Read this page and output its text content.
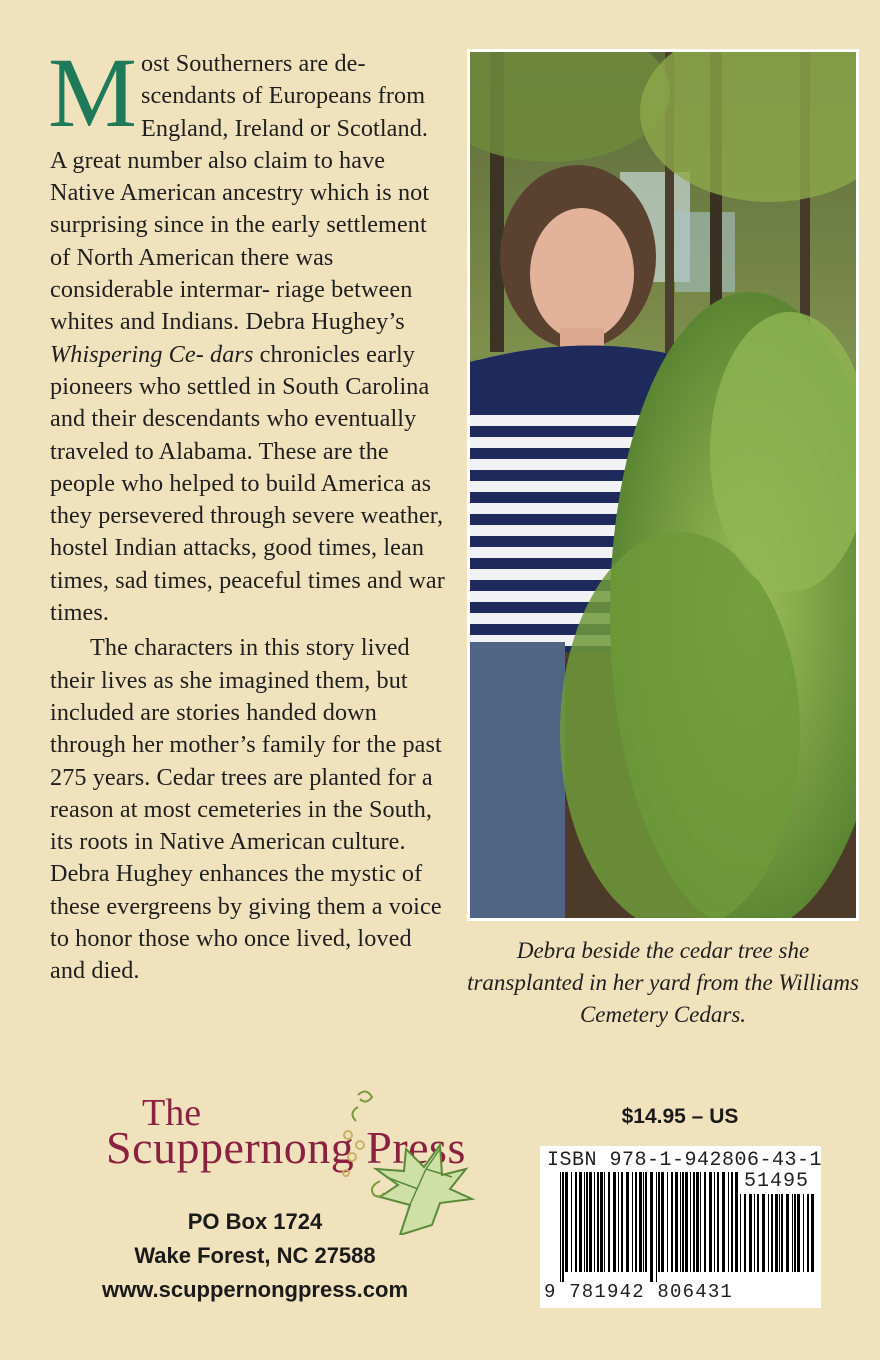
Most Southerners are de- scendants of Europeans from England, Ireland or Scotland. A great number also claim to have Native American ancestry which is not surprising since in the early settlement of North American there was considerable intermar- riage between whites and Indians. Debra Hughey’s Whispering Ce- dars chronicles early pioneers who settled in South Carolina and their descendants who eventually traveled to Alabama. These are the people who helped to build America as they persevered through severe weather, hostel Indian attacks, good times, lean times, sad times, peaceful times and war times.

The characters in this story lived their lives as she imagined them, but included are stories handed down through her mother’s family for the past 275 years. Cedar trees are planted for a reason at most cemeteries in the South, its roots in Native American culture. Debra Hughey enhances the mystic of these evergreens by giving them a voice to honor those who once lived, loved and died.

Debra beside the cedar tree she transplanted in her yard from the Williams Cemetery Cedars.
The
Scuppernong Press
PO Box 1724
Wake Forest, NC 27588
www.scuppernongpress.com
$14.95 – US
ISBN 978-1-942806-43-1
51495
9 781942 806431
